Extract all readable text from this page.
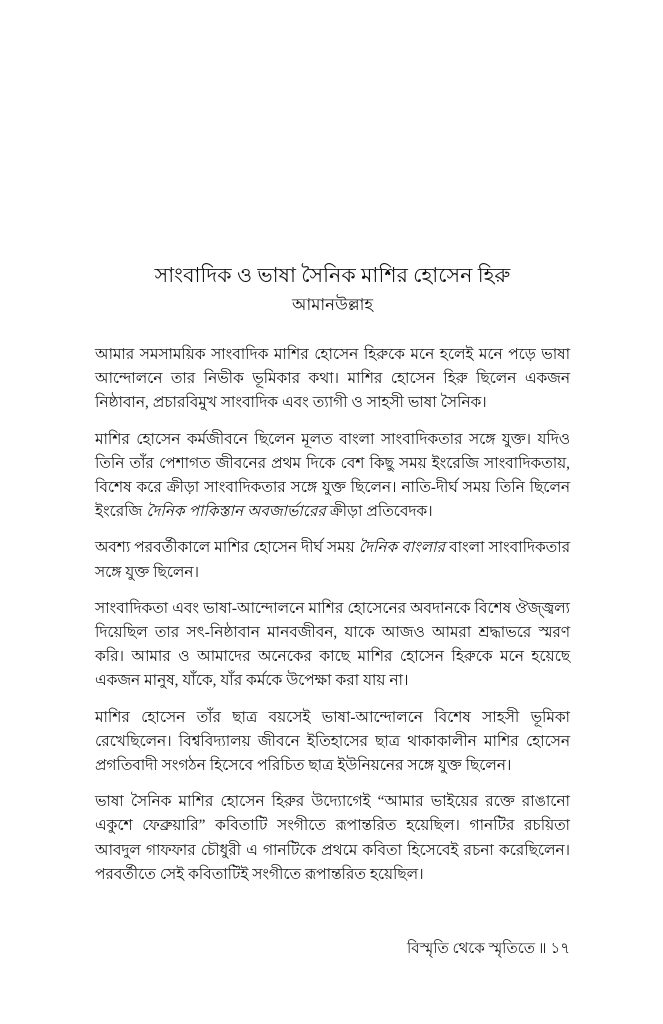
সাংবাদিক ও ভাষা সৈনিক মাশির হোসেন হিরু
আমানউল্লাহ

আমার সমসাময়িক সাংবাদিক মাশির হোসেন হিরুকে মনে হলেই মনে পড়ে ভাষা আন্দোলনে তার নিভীক ভূমিকার কথা। মাশির হোসেন হিরু ছিলেন একজন নিষ্ঠাবান, প্রচারবিমুখ সাংবাদিক এবং ত্যাগী ও সাহসী ভাষা সৈনিক।

মাশির হোসেন কর্মজীবনে ছিলেন মূলত বাংলা সাংবাদিকতার সঙ্গে যুক্ত। যদিও তিনি তাঁর পেশাগত জীবনের প্রথম দিকে বেশ কিছু সময় ইংরেজি সাংবাদিকতায়, বিশেষ করে ক্রীড়া সাংবাদিকতার সঙ্গে যুক্ত ছিলেন। নাতি-দীর্ঘ সময় তিনি ছিলেন ইংরেজি দৈনিক পাকিস্তান অবজার্ভারের ক্রীড়া প্রতিবেদক।

অবশ্য পরবর্তীকালে মাশির হোসেন দীর্ঘ সময় দৈনিক বাংলার বাংলা সাংবাদিকতার সঙ্গে যুক্ত ছিলেন।

সাংবাদিকতা এবং ভাষা-আন্দোলনে মাশির হোসেনের অবদানকে বিশেষ ঔজ্জ্বল্য দিয়েছিল তার সৎ-নিষ্ঠাবান মানবজীবন, যাকে আজও আমরা শ্রদ্ধাভরে স্মরণ করি। আমার ও আমাদের অনেকের কাছে মাশির হোসেন হিরুকে মনে হয়েছে একজন মানুষ, যাঁকে, যাঁর কর্মকে উপেক্ষা করা যায় না।

মাশির হোসেন তাঁর ছাত্র বয়সেই ভাষা-আন্দোলনে বিশেষ সাহসী ভূমিকা রেখেছিলেন। বিশ্ববিদ্যালয় জীবনে ইতিহাসের ছাত্র থাকাকালীন মাশির হোসেন প্রগতিবাদী সংগঠন হিসেবে পরিচিত ছাত্র ইউনিয়নের সঙ্গে যুক্ত ছিলেন।

ভাষা সৈনিক মাশির হোসেন হিরুর উদ্যোগেই “আমার ভাইয়ের রক্তে রাঙানো একুশে ফেব্রুয়ারি” কবিতাটি সংগীতে রূপান্তরিত হয়েছিল। গানটির রচয়িতা আবদুল গাফফার চৌধুরী এ গানটিকে প্রথমে কবিতা হিসেবেই রচনা করেছিলেন। পরবর্তীতে সেই কবিতাটিই সংগীতে রূপান্তরিত হয়েছিল।

বিস্মৃতি থেকে স্মৃতিতে ॥ ১৭
